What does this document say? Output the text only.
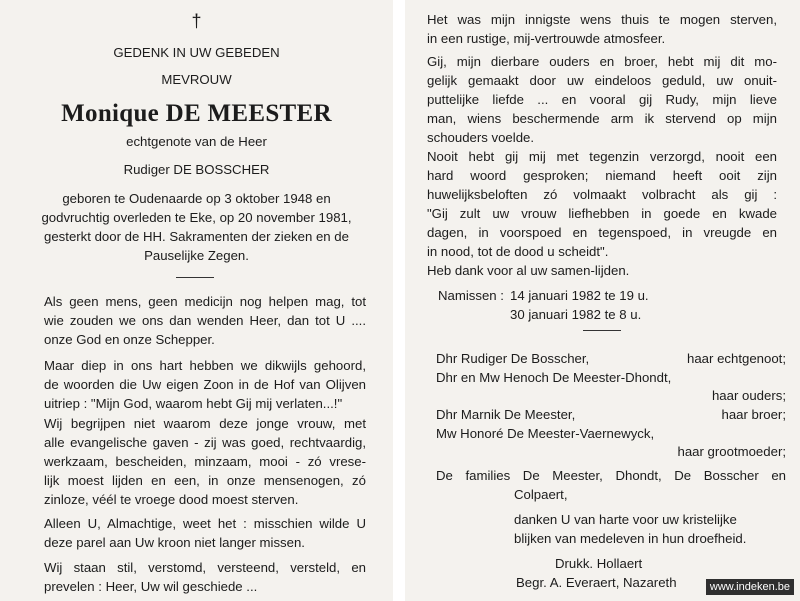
†

GEDENK IN UW GEBEDEN

MEVROUW

Monique DE MEESTER

echtgenote van de Heer

Rudiger DE BOSSCHER

geboren te Oudenaarde op 3 oktober 1948 en

godvruchtig overleden te Eke, op 20 november 1981,

gesterkt door de HH. Sakramenten der zieken en de

Pauselijke Zegen.

Als geen mens, geen medicijn nog helpen mag, tot

wie zouden we ons dan wenden Heer, dan tot U ....

onze God en onze Schepper.

Maar diep in ons hart hebben we dikwijls gehoord,

de woorden die Uw eigen Zoon in de Hof van Olijven

uitriep : "Mijn God, waarom hebt Gij mij verlaten...!"

Wij begrijpen niet waarom deze jonge vrouw, met

alle evangelische gaven - zij was goed, rechtvaardig,

werkzaam, bescheiden, minzaam, mooi - zó vrese-

lijk moest lijden en een, in onze mensenogen, zó

zinloze, véél te vroege dood moest sterven.

Alleen U, Almachtige, weet het : misschien wilde U

deze parel aan Uw kroon niet langer missen.

Wij staan stil, verstomd, versteend, versteld, en

prevelen : Heer, Uw wil geschiede ...

Het was mijn innigste wens thuis te mogen sterven,

in een rustige, mij-vertrouwde atmosfeer.

Gij, mijn dierbare ouders en broer, hebt mij dit mo-

gelijk gemaakt door uw eindeloos geduld, uw onuit-

puttelijke liefde ... en vooral gij Rudy, mijn lieve

man, wiens beschermende arm ik stervend op mijn

schouders voelde.

Nooit hebt gij mij met tegenzin verzorgd, nooit een

hard woord gesproken; niemand heeft ooit zijn

huwelijksbeloften zó volmaakt volbracht als gij :

"Gij zult uw vrouw liefhebben in goede en kwade

dagen, in voorspoed en tegenspoed, in vreugde en

in nood, tot de dood u scheidt".

Heb dank voor al uw samen-lijden.

Namissen : 14 januari 1982 te 19 u.

30 januari 1982 te 8 u.

Dhr Rudiger De Bosscher,	haar echtgenoot;
Dhr en Mw Henoch De Meester-Dhondt,
haar ouders;
Dhr Marnik De Meester,	haar broer;
Mw Honoré De Meester-Vaernewyck,
haar grootmoeder;

De families De Meester, Dhondt, De Bosscher en

Colpaert,

danken U van harte voor uw kristelijke

blijken van medeleven in hun droefheid.

Drukk. Hollaert

Begr. A. Everaert, Nazareth	www.indeken.be
